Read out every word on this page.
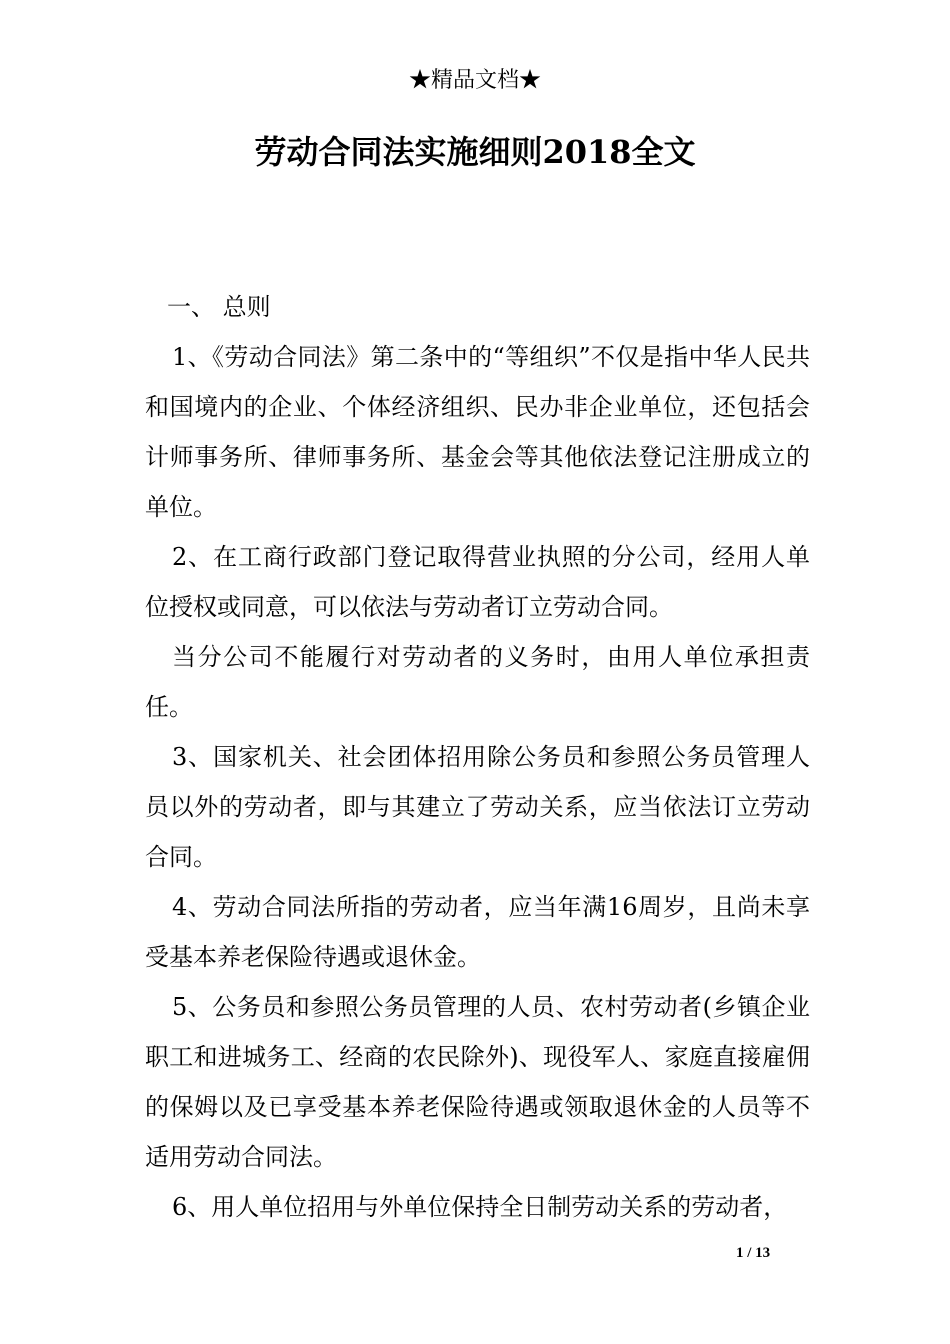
★精品文档★
劳动合同法实施细则2018全文

一、 总则

1、《劳动合同法》第二条中的“等组织”不仅是指中华人民共和国境内的企业、个体经济组织、民办非企业单位，还包括会计师事务所、律师事务所、基金会等其他依法登记注册成立的单位。

2、在工商行政部门登记取得营业执照的分公司，经用人单位授权或同意，可以依法与劳动者订立劳动合同。

当分公司不能履行对劳动者的义务时，由用人单位承担责任。

3、国家机关、社会团体招用除公务员和参照公务员管理人员以外的劳动者，即与其建立了劳动关系，应当依法订立劳动合同。

4、劳动合同法所指的劳动者，应当年满16周岁，且尚未享受基本养老保险待遇或退休金。

5、公务员和参照公务员管理的人员、农村劳动者(乡镇企业职工和进城务工、经商的农民除外)、现役军人、家庭直接雇佣的保姆以及已享受基本养老保险待遇或领取退休金的人员等不适用劳动合同法。

6、用人单位招用与外单位保持全日制劳动关系的劳动者，

1 / 13
